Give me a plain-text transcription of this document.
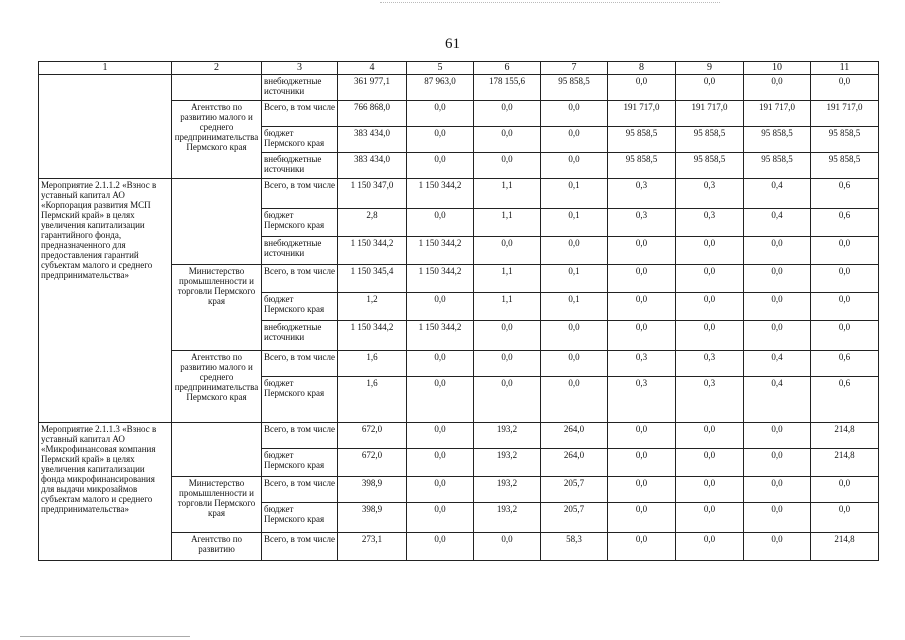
61
1	2	3	4	5	6	7	8	9	10	11
		внебюджетные источники	361 977,1	87 963,0	178 155,6	95 858,5	0,0	0,0	0,0	0,0
	Агентство по развитию малого и среднего предпринимательства Пермского края	Всего, в том числе	766 868,0	0,0	0,0	0,0	191 717,0	191 717,0	191 717,0	191 717,0
		бюджет Пермского края	383 434,0	0,0	0,0	0,0	95 858,5	95 858,5	95 858,5	95 858,5
		внебюджетные источники	383 434,0	0,0	0,0	0,0	95 858,5	95 858,5	95 858,5	95 858,5
Мероприятие 2.1.1.2 «Взнос в уставный капитал АО «Корпорация развития МСП Пермский край» в целях увеличения капитализации гарантийного фонда, предназначенного для предоставления гарантий субъектам малого и среднего предпринимательства»		Всего, в том числе	1 150 347,0	1 150 344,2	1,1	0,1	0,3	0,3	0,4	0,6
		бюджет Пермского края	2,8	0,0	1,1	0,1	0,3	0,3	0,4	0,6
		внебюджетные источники	1 150 344,2	1 150 344,2	0,0	0,0	0,0	0,0	0,0	0,0
	Министерство промышленности и торговли Пермского края	Всего, в том числе	1 150 345,4	1 150 344,2	1,1	0,1	0,0	0,0	0,0	0,0
		бюджет Пермского края	1,2	0,0	1,1	0,1	0,0	0,0	0,0	0,0
		внебюджетные источники	1 150 344,2	1 150 344,2	0,0	0,0	0,0	0,0	0,0	0,0
	Агентство по развитию малого и среднего предпринимательства Пермского края	Всего, в том числе	1,6	0,0	0,0	0,0	0,3	0,3	0,4	0,6
		бюджет Пермского края	1,6	0,0	0,0	0,0	0,3	0,3	0,4	0,6
Мероприятие 2.1.1.3 «Взнос в уставный капитал АО «Микрофинансовая компания Пермский край» в целях увеличения капитализации фонда микрофинансирования для выдачи микрозаймов субъектам малого и среднего предпринимательства»		Всего, в том числе	672,0	0,0	193,2	264,0	0,0	0,0	0,0	214,8
		бюджет Пермского края	672,0	0,0	193,2	264,0	0,0	0,0	0,0	214,8
	Министерство промышленности и торговли Пермского края	Всего, в том числе	398,9	0,0	193,2	205,7	0,0	0,0	0,0	0,0
		бюджет Пермского края	398,9	0,0	193,2	205,7	0,0	0,0	0,0	0,0
	Агентство по развитию	Всего, в том числе	273,1	0,0	0,0	58,3	0,0	0,0	0,0	214,8
